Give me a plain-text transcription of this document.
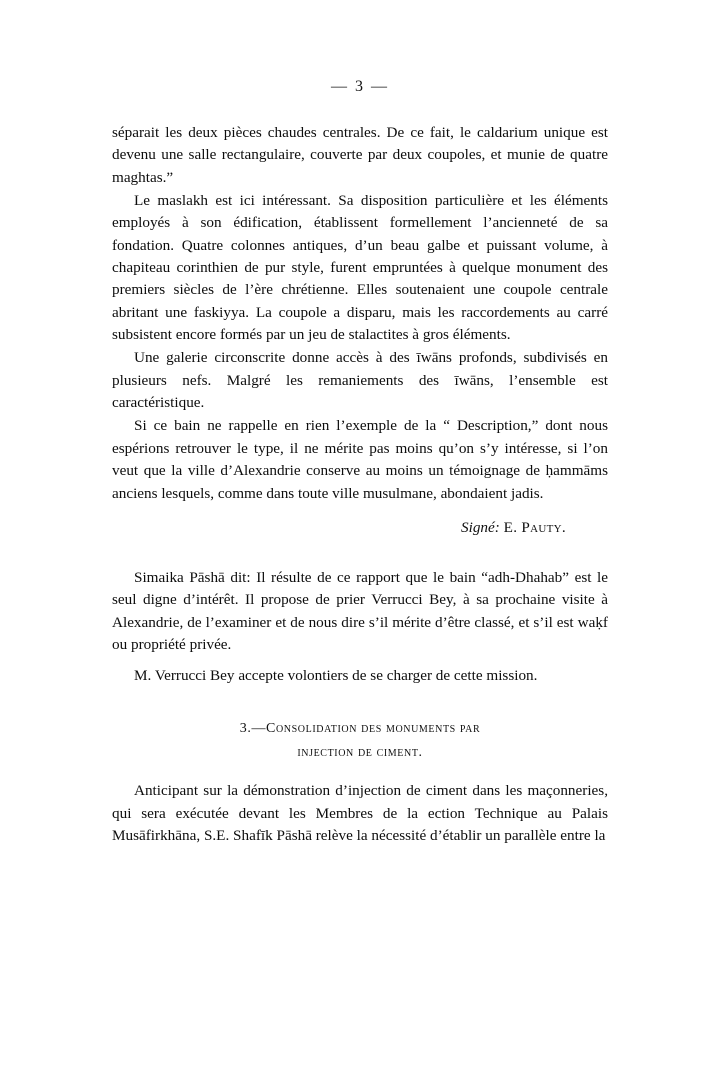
— 3 —

séparait les deux pièces chaudes centrales. De ce fait, le caldarium unique est devenu une salle rectangulaire, couverte par deux coupoles, et munie de quatre maghtas.”

Le maslakh est ici intéressant. Sa disposition particulière et les éléments employés à son édification, établissent formellement l’ancienneté de sa fondation. Quatre colonnes antiques, d’un beau galbe et puissant volume, à chapiteau corinthien de pur style, furent empruntées à quelque monument des premiers siècles de l’ère chrétienne. Elles soutenaient une coupole centrale abritant une faskiyya. La coupole a disparu, mais les raccordements au carré subsistent encore formés par un jeu de stalactites à gros éléments.

Une galerie circonscrite donne accès à des īwāns profonds, subdivisés en plusieurs nefs. Malgré les remaniements des īwāns, l’ensemble est caractéristique.

Si ce bain ne rappelle en rien l’exemple de la “ Description,” dont nous espérions retrouver le type, il ne mérite pas moins qu’on s’y intéresse, si l’on veut que la ville d’Alexandrie conserve au moins un témoignage de ḥammāms anciens lesquels, comme dans toute ville musulmane, abondaient jadis.

Signé: E. Pauty.

Simaika Pāshā dit: Il résulte de ce rapport que le bain “adh-Dhahab” est le seul digne d’intérêt. Il propose de prier Verrucci Bey, à sa prochaine visite à Alexandrie, de l’examiner et de nous dire s’il mérite d’être classé, et s’il est waḳf ou propriété privée.

M. Verrucci Bey accepte volontiers de se charger de cette mission.

3.—Consolidation des monuments par
injection de ciment.

Anticipant sur la démonstration d’injection de ciment dans les maçonneries, qui sera exécutée devant les Membres de la ection Technique au Palais Musāfirkhāna, S.E. Shafīk Pāshā relève la nécessité d’établir un parallèle entre la
